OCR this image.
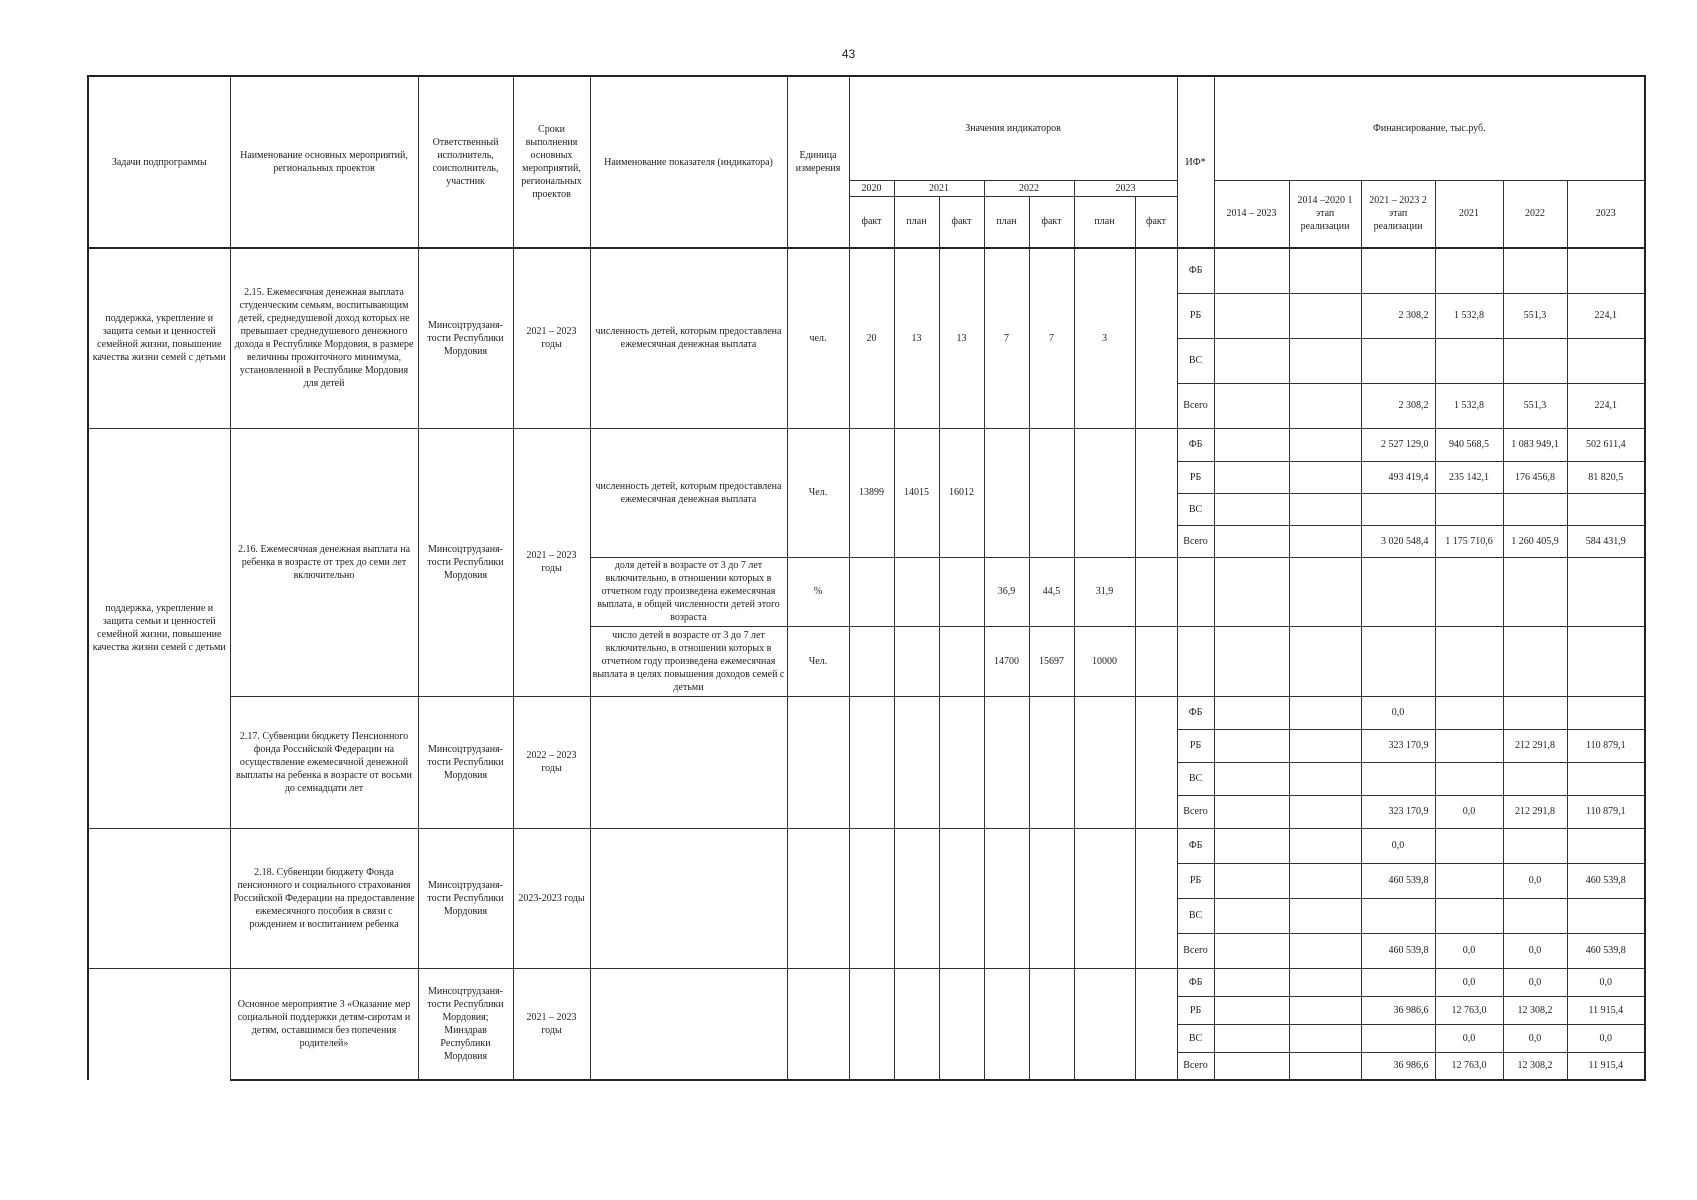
43
Задачи подпрограммы	Наименование основных мероприятий, региональных проектов	Ответственный исполнитель, соисполнитель, участник	Сроки выполнения основных мероприятий, региональных проектов	Наименование показателя (индикатора)	Единица измерения	Значения индикаторов							ИФ*	Финансирование, тыс.руб.					
						2020	2021		2022		2023			2014 – 2023	2014 –2020 1 этап реализации	2021 – 2023 2 этап реализации	2021	2022	2023
						факт	план	факт	план	факт	план	факт							
поддержка, укрепление и защита семьи и ценностей семейной жизни, повышение качества жизни семей с детьми	2.15. Ежемесячная денежная выплата студенческим семьям, воспитывающим детей, среднедушевой доход которых не превышает среднедушевого денежного дохода в Республике Мордовия, в размере величины прожиточного минимума, установленной в Республике Мордовия для детей	Минсоцтрудзаня-тости Республики Мордовия	2021 – 2023 годы	численность детей, которым предоставлена ежемесячная денежная выплата	чел.	20	13	13	7	7	3		ФБ						
													РБ			2 308,2	1 532,8	551,3	224,1
													ВС						
													Всего			2 308,2	1 532,8	551,3	224,1
поддержка, укрепление и защита семьи и ценностей семейной жизни, повышение качества жизни семей с детьми	2.16. Ежемесячная денежная выплата на ребенка в возрасте от трех до семи лет включительно	Минсоцтрудзаня-тости Республики Мордовия	2021 – 2023 годы	численность детей, которым предоставлена ежемесячная денежная выплата	Чел.	13899	14015	16012					ФБ			2 527 129,0	940 568,5	1 083 949,1	502 611,4
													РБ			493 419,4	235 142,1	176 456,8	81 820,5
													ВС						
													Всего			3 020 548,4	1 175 710,6	1 260 405,9	584 431,9
				доля детей в возрасте от 3 до 7 лет включительно, в отношении которых в отчетном году произведена ежемесячная выплата, в общей численности детей этого возраста	%				36,9	44,5	31,9								
				число детей в возрасте от 3 до 7 лет включительно, в отношении которых в отчетном году произведена ежемесячная выплата в целях повышения доходов семей с детьми	Чел.				14700	15697	10000								
	2.17. Субвенции бюджету Пенсионного фонда Российской Федерации на осуществление ежемесячной денежной выплаты на ребенка в возрасте от восьми до семнадцати лет	Минсоцтрудзаня-тости Республики Мордовия	2022 – 2023 годы										ФБ			0,0			
													РБ			323 170,9		212 291,8	110 879,1
													ВС						
													Всего			323 170,9	0,0	212 291,8	110 879,1
	2.18. Субвенции бюджету Фонда пенсионного и социального страхования Российской Федерации на предоставление ежемесячного пособия в связи с рождением и воспитанием ребенка	Минсоцтрудзаня-тости Республики Мордовия	2023-2023 годы										ФБ			0,0			
													РБ			460 539,8		0,0	460 539,8
													ВС						
													Всего			460 539,8	0,0	0,0	460 539,8
	Основное мероприятие 3 «Оказание мер социальной поддержки детям-сиротам и детям, оставшимся без попечения родителей»	Минсоцтрудзаня-тости Республики Мордовия; Минздрав Республики Мордовия	2021 – 2023 годы										ФБ				0,0	0,0	0,0
													РБ			36 986,6	12 763,0	12 308,2	11 915,4
													ВС				0,0	0,0	0,0
													Всего			36 986,6	12 763,0	12 308,2	11 915,4
